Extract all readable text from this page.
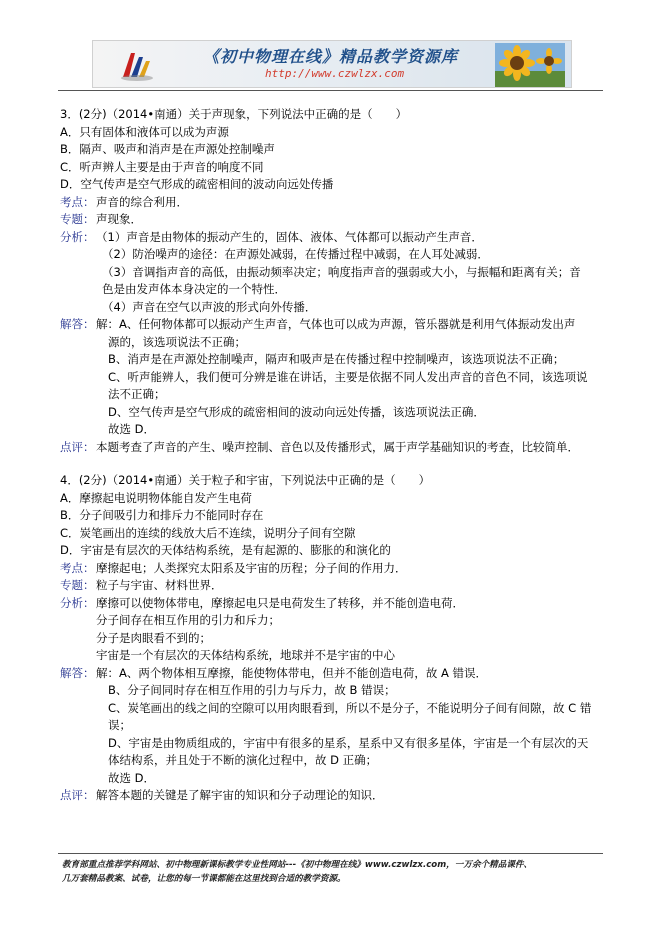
《初中物理在线》精品教学资源库
http://www.czwlzx.com
3．(2分)（2014•南通）关于声现象，下列说法中正确的是（　　）
A．只有固体和液体可以成为声源
B．隔声、吸声和消声是在声源处控制噪声
C．听声辨人主要是由于声音的响度不同
D．空气传声是空气形成的疏密相间的波动向远处传播
考点： 声音的综合利用．
专题： 声现象．
分析： （1）声音是由物体的振动产生的，固体、液体、气体都可以振动产生声音．
（2）防治噪声的途径：在声源处减弱，在传播过程中减弱，在人耳处减弱．
（3）音调指声音的高低，由振动频率决定；响度指声音的强弱或大小，与振幅和距离有关；音
色是由发声体本身决定的一个特性．
（4）声音在空气以声波的形式向外传播．
解答： 解：A、任何物体都可以振动产生声音，气体也可以成为声源，管乐器就是利用气体振动发出声
源的，该选项说法不正确；
B、消声是在声源处控制噪声，隔声和吸声是在传播过程中控制噪声，该选项说法不正确；
C、听声能辨人，我们便可分辨是谁在讲话，主要是依据不同人发出声音的音色不同，该选项说
法不正确；
D、空气传声是空气形成的疏密相间的波动向远处传播，该选项说法正确．
故选 D．
点评： 本题考查了声音的产生、噪声控制、音色以及传播形式，属于声学基础知识的考查，比较简单．
4．(2分)（2014•南通）关于粒子和宇宙，下列说法中正确的是（　　）
A．摩擦起电说明物体能自发产生电荷
B．分子间吸引力和排斥力不能同时存在
C．炭笔画出的连续的线放大后不连续，说明分子间有空隙
D．宇宙是有层次的天体结构系统，是有起源的、膨胀的和演化的
考点： 摩擦起电；人类探究太阳系及宇宙的历程；分子间的作用力．
专题： 粒子与宇宙、材料世界．
分析： 摩擦可以使物体带电，摩擦起电只是电荷发生了转移，并不能创造电荷．
分子间存在相互作用的引力和斥力；
分子是肉眼看不到的；
宇宙是一个有层次的天体结构系统，地球并不是宇宙的中心
解答： 解：A、两个物体相互摩擦，能使物体带电，但并不能创造电荷，故 A 错误．
B、分子间同时存在相互作用的引力与斥力，故 B 错误；
C、炭笔画出的线之间的空隙可以用肉眼看到，所以不是分子，不能说明分子间有间隙，故 C 错
误；
D、宇宙是由物质组成的，宇宙中有很多的星系，星系中又有很多星体，宇宙是一个有层次的天
体结构系，并且处于不断的演化过程中，故 D 正确；
故选 D．
点评： 解答本题的关键是了解宇宙的知识和分子动理论的知识．
教育部重点推荐学科网站、初中物理新课标教学专业性网站---《初中物理在线》www.czwlzx.com，一万余个精品课件、
几万套精品教案、试卷，让您的每一节课都能在这里找到合适的教学资源。
